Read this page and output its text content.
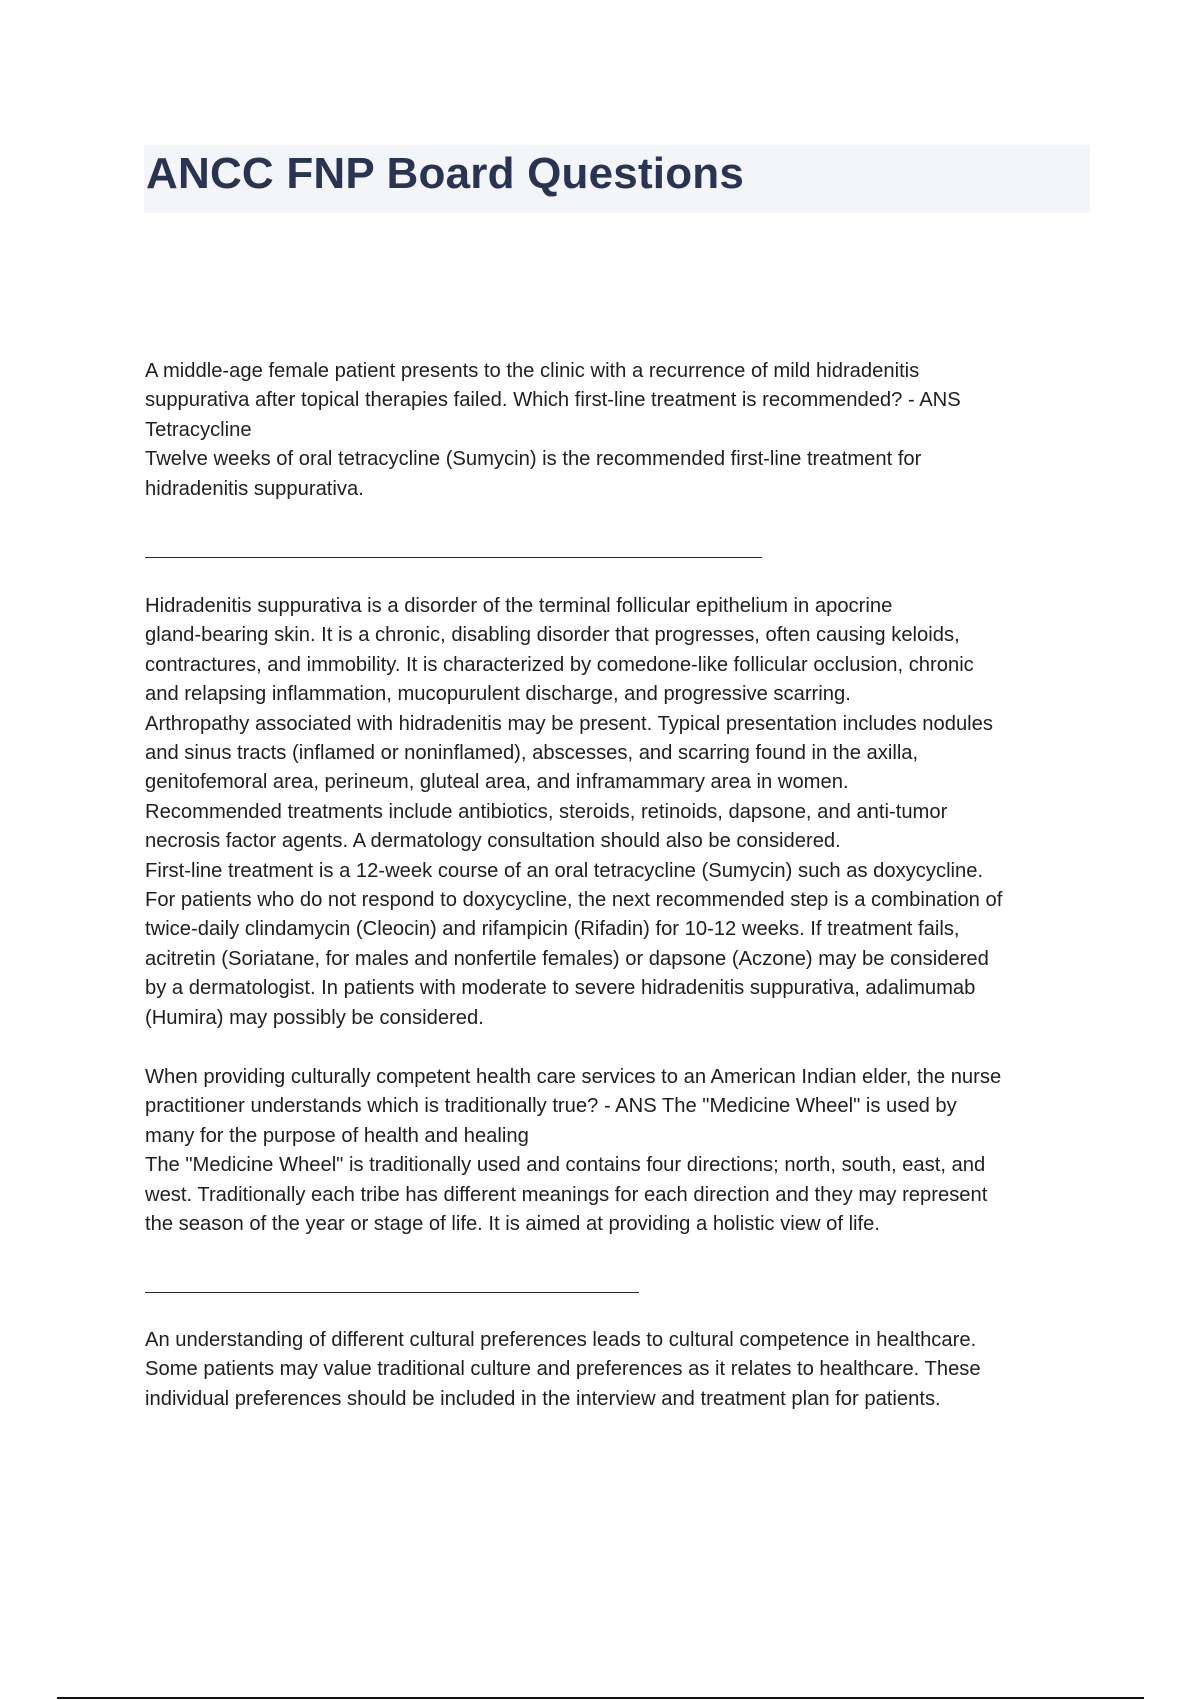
ANCC FNP Board Questions
A middle-age female patient presents to the clinic with a recurrence of mild hidradenitis
suppurativa after topical therapies failed. Which first-line treatment is recommended? - ANS
Tetracycline
Twelve weeks of oral tetracycline (Sumycin) is the recommended first-line treatment for
hidradenitis suppurativa.
Hidradenitis suppurativa is a disorder of the terminal follicular epithelium in apocrine
gland-bearing skin. It is a chronic, disabling disorder that progresses, often causing keloids,
contractures, and immobility. It is characterized by comedone-like follicular occlusion, chronic
and relapsing inflammation, mucopurulent discharge, and progressive scarring.
Arthropathy associated with hidradenitis may be present. Typical presentation includes nodules
and sinus tracts (inflamed or noninflamed), abscesses, and scarring found in the axilla,
genitofemoral area, perineum, gluteal area, and inframammary area in women.
Recommended treatments include antibiotics, steroids, retinoids, dapsone, and anti-tumor
necrosis factor agents. A dermatology consultation should also be considered.
First-line treatment is a 12-week course of an oral tetracycline (Sumycin) such as doxycycline.
For patients who do not respond to doxycycline, the next recommended step is a combination of
twice-daily clindamycin (Cleocin) and rifampicin (Rifadin) for 10-12 weeks. If treatment fails,
acitretin (Soriatane, for males and nonfertile females) or dapsone (Aczone) may be considered
by a dermatologist. In patients with moderate to severe hidradenitis suppurativa, adalimumab
(Humira) may possibly be considered.
When providing culturally competent health care services to an American Indian elder, the nurse
practitioner understands which is traditionally true? - ANS The "Medicine Wheel" is used by
many for the purpose of health and healing
The "Medicine Wheel" is traditionally used and contains four directions; north, south, east, and
west. Traditionally each tribe has different meanings for each direction and they may represent
the season of the year or stage of life. It is aimed at providing a holistic view of life.
An understanding of different cultural preferences leads to cultural competence in healthcare.
Some patients may value traditional culture and preferences as it relates to healthcare. These
individual preferences should be included in the interview and treatment plan for patients.
